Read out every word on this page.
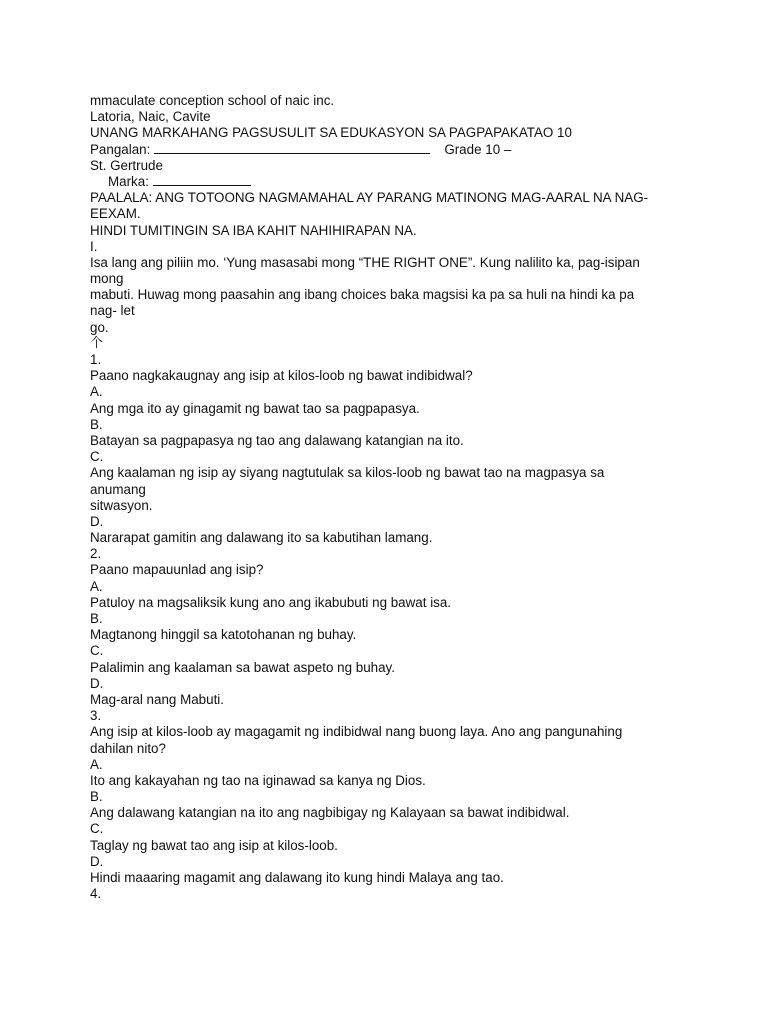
mmaculate conception school of naic inc.
Latoria, Naic, Cavite
UNANG MARKAHANG PAGSUSULIT SA EDUKASYON SA PAGPAPAKATAO 10
Pangalan:	Grade 10 –
St. Gertrude
Marka:
PAALALA: ANG TOTOONG NAGMAMAHAL AY PARANG MATINONG MAG-AARAL NA NAG-
EEXAM.
HINDI TUMITINGIN SA IBA KAHIT NAHIHIRAPAN NA.
I.
Isa lang ang piliin mo. ‘Yung masasabi mong “THE RIGHT ONE”. Kung nalilito ka, pag-isipan
mong
mabuti. Huwag mong paasahin ang ibang choices baka magsisi ka pa sa huli na hindi ka pa
nag- let
go.
个
1.
Paano nagkakaugnay ang isip at kilos-loob ng bawat indibidwal?
A.
Ang mga ito ay ginagamit ng bawat tao sa pagpapasya.
B.
Batayan sa pagpapasya ng tao ang dalawang katangian na ito.
C.
Ang kaalaman ng isip ay siyang nagtutulak sa kilos-loob ng bawat tao na magpasya sa
anumang
sitwasyon.
D.
Nararapat gamitin ang dalawang ito sa kabutihan lamang.
2.
Paano mapauunlad ang isip?
A.
Patuloy na magsaliksik kung ano ang ikabubuti ng bawat isa.
B.
Magtanong hinggil sa katotohanan ng buhay.
C.
Palalimin ang kaalaman sa bawat aspeto ng buhay.
D.
Mag-aral nang Mabuti.
3.
Ang isip at kilos-loob ay magagamit ng indibidwal nang buong laya. Ano ang pangunahing
dahilan nito?
A.
Ito ang kakayahan ng tao na iginawad sa kanya ng Dios.
B.
Ang dalawang katangian na ito ang nagbibigay ng Kalayaan sa bawat indibidwal.
C.
Taglay ng bawat tao ang isip at kilos-loob.
D.
Hindi maaaring magamit ang dalawang ito kung hindi Malaya ang tao.
4.
